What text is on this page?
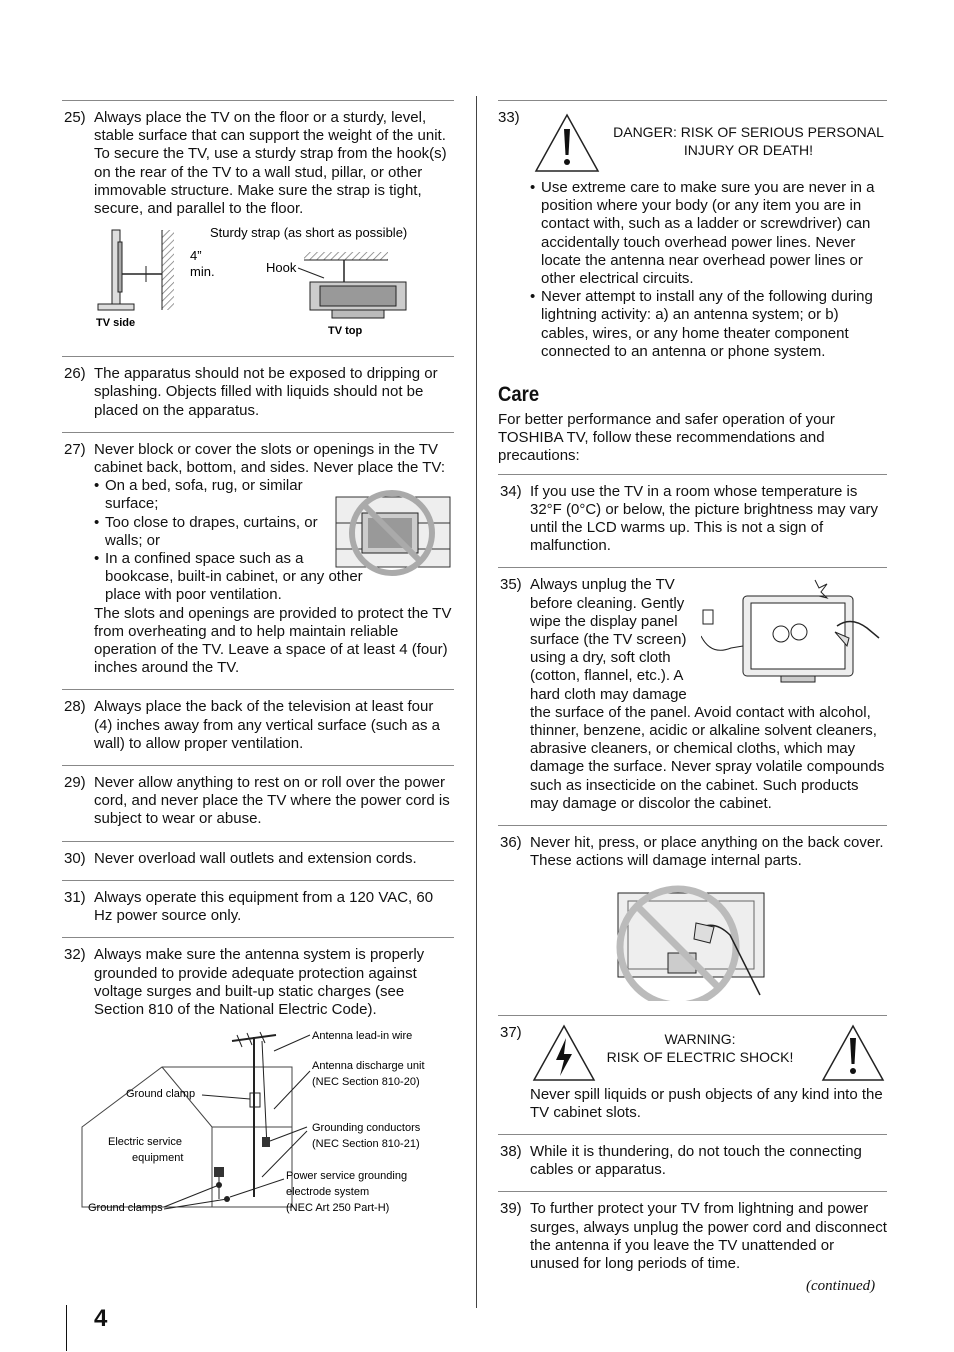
25) Always place the TV on the floor or a sturdy, level, stable surface that can support the weight of the unit. To secure the TV, use a sturdy strap from the hook(s) on the rear of the TV to a wall stud, pillar, or other immovable structure. Make sure the strap is tight, secure, and parallel to the floor.

TV side
4”
min.
Sturdy strap (as short as possible)
Hook
TV top
26) The apparatus should not be exposed to dripping or splashing. Objects filled with liquids should not be placed on the apparatus.

27) Never block or cover the slots or openings in the TV cabinet back, bottom, and sides. Never place the TV:

• On a bed, sofa, rug, or similar surface;
• Too close to drapes, curtains, or walls; or
• In a confined space such as a bookcase, built-in cabinet, or any other place with poor ventilation.

The slots and openings are provided to protect the TV from overheating and to help maintain reliable operation of the TV. Leave a space of at least 4 (four) inches around the TV.

28) Always place the back of the television at least four (4) inches away from any vertical surface (such as a wall) to allow proper ventilation.

29) Never allow anything to rest on or roll over the power cord, and never place the TV where the power cord is subject to wear or abuse.

30) Never overload wall outlets and extension cords.

31) Always operate this equipment from a 120 VAC, 60 Hz power source only.

32) Always make sure the antenna system is properly grounded to provide adequate protection against voltage surges and built-up static charges (see Section 810 of the National Electric Code).

Antenna lead-in wire
Antenna discharge unit
(NEC Section 810-20)
Ground clamp
Grounding conductors
(NEC Section 810-21)
Electric service
equipment
Power service grounding
electrode system
(NEC Art 250 Part-H)
Ground clamps
33)
DANGER: RISK OF SERIOUS PERSONAL
INJURY OR DEATH!
• Use extreme care to make sure you are never in a position where your body (or any item you are in contact with, such as a ladder or screwdriver) can accidentally touch overhead power lines. Never locate the antenna near overhead power lines or other electrical circuits.
• Never attempt to install any of the following during lightning activity: a) an antenna system; or b) cables, wires, or any home theater component connected to an antenna or phone system.
Care

For better performance and safer operation of your TOSHIBA TV, follow these recommendations and precautions:

34) If you use the TV in a room whose temperature is 32°F (0°C) or below, the picture brightness may vary until the LCD warms up. This is not a sign of malfunction.

35) Always unplug the TV before cleaning. Gently wipe the display panel surface (the TV screen) using a dry, soft cloth (cotton, flannel, etc.). A hard cloth may damage

the surface of the panel. Avoid contact with alcohol, thinner, benzene, acidic or alkaline solvent cleaners, abrasive cleaners, or chemical cloths, which may damage the surface. Never spray volatile compounds such as insecticide on the cabinet. Such products may damage or discolor the cabinet.

36) Never hit, press, or place anything on the back cover. These actions will damage internal parts.

37)	WARNING:
RISK OF ELECTRIC SHOCK!

Never spill liquids or push objects of any kind into the TV cabinet slots.

38) While it is thundering, do not touch the connecting cables or apparatus.

39) To further protect your TV from lightning and power surges, always unplug the power cord and disconnect the antenna if you leave the TV unattended or unused for long periods of time.

(continued)
4
